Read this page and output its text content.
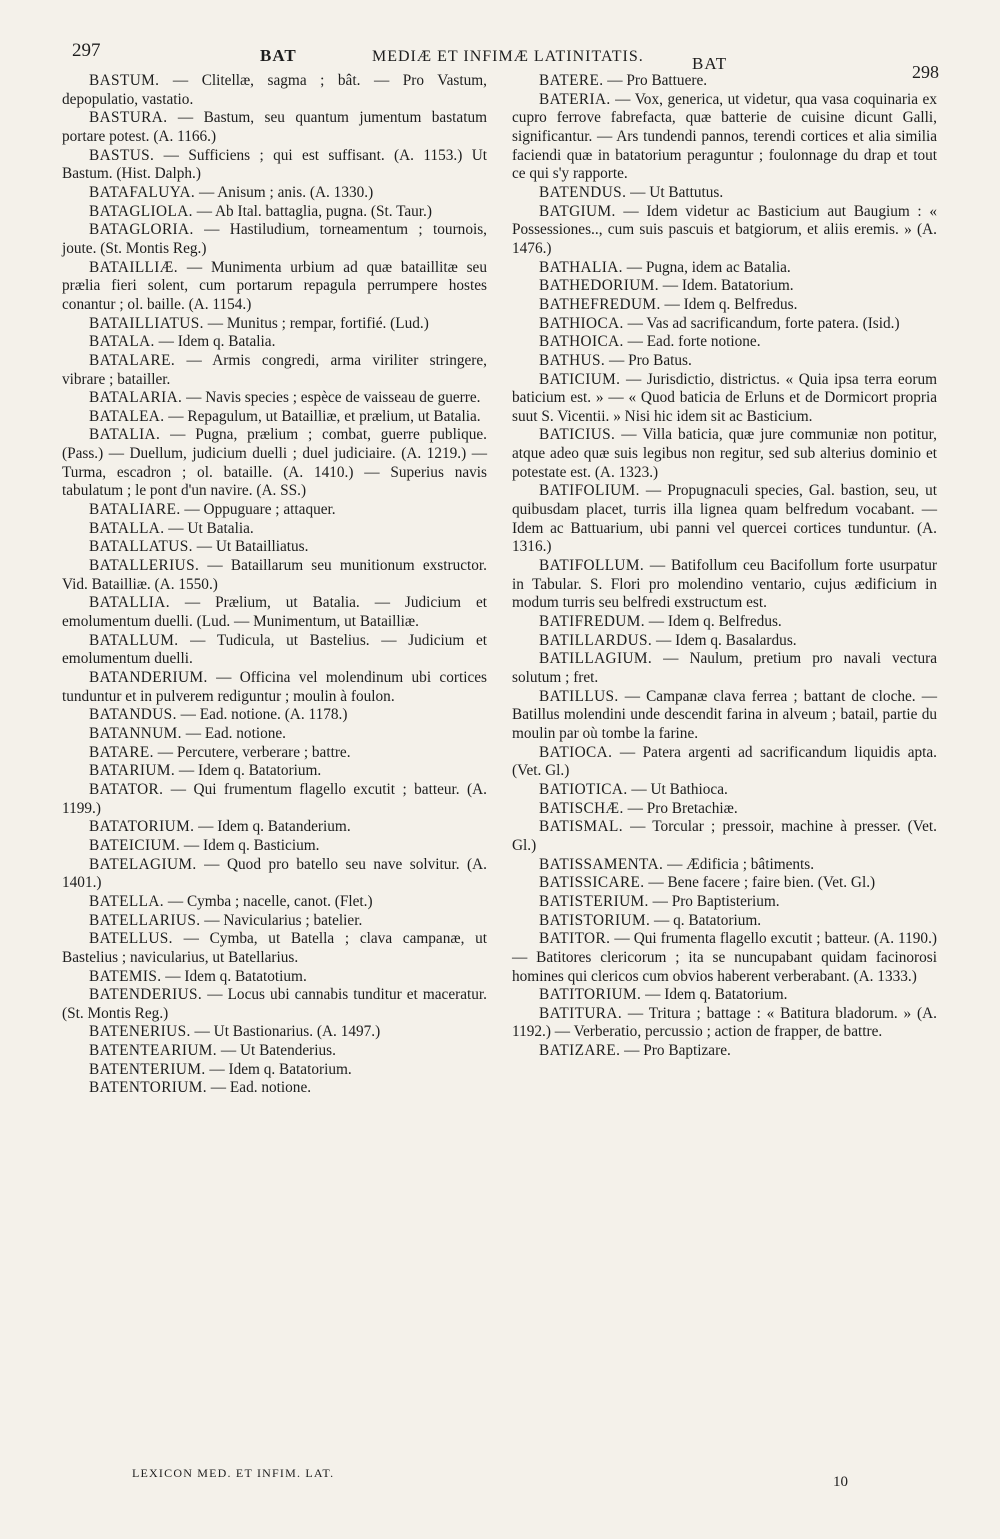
297	BAT	MEDIÆ ET INFIMÆ LATINITATIS.	BAT	298

BASTUM. — Clitellæ, sagma ; bât. — Pro Vastum, depopulatio, vastatio.

BASTURA. — Bastum, seu quantum jumentum bastatum portare potest. (A. 1166.)

BASTUS. — Sufficiens ; qui est suffisant. (A. 1153.) Ut Bastum. (Hist. Dalph.)

BATAFALUYA. — Anisum ; anis. (A. 1330.)

BATAGLIOLA. — Ab Ital. battaglia, pugna. (St. Taur.)

BATAGLORIA. — Hastiludium, torneamentum ; tournois, joute. (St. Montis Reg.)

BATAILLIÆ. — Munimenta urbium ad quæ bataillitæ seu prælia fieri solent, cum portarum repagula perrumpere hostes conantur ; ol. baille. (A. 1154.)

BATAILLIATUS. — Munitus ; rempar, fortifié. (Lud.)

BATALA. — Idem q. Batalia.

BATALARE. — Armis congredi, arma viriliter stringere, vibrare ; batailler.

BATALARIA. — Navis species ; espèce de vaisseau de guerre.

BATALEA. — Repagulum, ut Batailliæ, et prælium, ut Batalia.

BATALIA. — Pugna, prælium ; combat, guerre publique. (Pass.) — Duellum, judicium duelli ; duel judiciaire. (A. 1219.) — Turma, escadron ; ol. bataille. (A. 1410.) — Superius navis tabulatum ; le pont d'un navire. (A. SS.)

BATALIARE. — Oppuguare ; attaquer.

BATALLA. — Ut Batalia.

BATALLATUS. — Ut Batailliatus.

BATALLERIUS. — Bataillarum seu munitionum exstructor. Vid. Batailliæ. (A. 1550.)

BATALLIA. — Prælium, ut Batalia. — Judicium et emolumentum duelli. (Lud. — Munimentum, ut Batailliæ.

BATALLUM. — Tudicula, ut Bastelius. — Judicium et emolumentum duelli.

BATANDERIUM. — Officina vel molendinum ubi cortices tunduntur et in pulverem rediguntur ; moulin à foulon.

BATANDUS. — Ead. notione. (A. 1178.)

BATANNUM. — Ead. notione.

BATARE. — Percutere, verberare ; battre.

BATARIUM. — Idem q. Batatorium.

BATATOR. — Qui frumentum flagello excutit ; batteur. (A. 1199.)

BATATORIUM. — Idem q. Batanderium.

BATEICIUM. — Idem q. Basticium.

BATELAGIUM. — Quod pro batello seu nave solvitur. (A. 1401.)

BATELLA. — Cymba ; nacelle, canot. (Flet.)

BATELLARIUS. — Navicularius ; batelier.

BATELLUS. — Cymba, ut Batella ; clava campanæ, ut Bastelius ; navicularius, ut Batellarius.

BATEMIS. — Idem q. Batatotium.

BATENDERIUS. — Locus ubi cannabis tunditur et maceratur. (St. Montis Reg.)

BATENERIUS. — Ut Bastionarius. (A. 1497.)

BATENTEARIUM. — Ut Batenderius.

BATENTERIUM. — Idem q. Batatorium.

BATENTORIUM. — Ead. notione.

BATERE. — Pro Battuere.

BATERIA. — Vox, generica, ut videtur, qua vasa coquinaria ex cupro ferrove fabrefacta, quæ batterie de cuisine dicunt Galli, significantur. — Ars tundendi pannos, terendi cortices et alia similia faciendi quæ in batatorium peraguntur ; foulonnage du drap et tout ce qui s'y rapporte.

BATENDUS. — Ut Battutus.

BATGIUM. — Idem videtur ac Basticium aut Baugium : « Possessiones.., cum suis pascuis et batgiorum, et aliis eremis. » (A. 1476.)

BATHALIA. — Pugna, idem ac Batalia.

BATHEDORIUM. — Idem. Batatorium.

BATHEFREDUM. — Idem q. Belfredus.

BATHIOCA. — Vas ad sacrificandum, forte patera. (Isid.)

BATHOICA. — Ead. forte notione.

BATHUS. — Pro Batus.

BATICIUM. — Jurisdictio, districtus. « Quia ipsa terra eorum baticium est. » — « Quod baticia de Erluns et de Dormicort propria suut S. Vicentii. » Nisi hic idem sit ac Basticium.

BATICIUS. — Villa baticia, quæ jure communiæ non potitur, atque adeo quæ suis legibus non regitur, sed sub alterius dominio et potestate est. (A. 1323.)

BATIFOLIUM. — Propugnaculi species, Gal. bastion, seu, ut quibusdam placet, turris illa lignea quam belfredum vocabant. — Idem ac Battuarium, ubi panni vel quercei cortices tunduntur. (A. 1316.)

BATIFOLLUM. — Batifollum ceu Bacifollum forte usurpatur in Tabular. S. Flori pro molendino ventario, cujus ædificium in modum turris seu belfredi exstructum est.

BATIFREDUM. — Idem q. Belfredus.

BATILLARDUS. — Idem q. Basalardus.

BATILLAGIUM. — Naulum, pretium pro navali vectura solutum ; fret.

BATILLUS. — Campanæ clava ferrea ; battant de cloche. — Batillus molendini unde descendit farina in alveum ; batail, partie du moulin par où tombe la farine.

BATIOCA. — Patera argenti ad sacrificandum liquidis apta. (Vet. Gl.)

BATIOTICA. — Ut Bathioca.

BATISCHÆ. — Pro Bretachiæ.

BATISMAL. — Torcular ; pressoir, machine à presser. (Vet. Gl.)

BATISSAMENTA. — Ædificia ; bâtiments.

BATISSICARE. — Bene facere ; faire bien. (Vet. Gl.)

BATISTERIUM. — Pro Baptisterium.

BATISTORIUM. — q. Batatorium.

BATITOR. — Qui frumenta flagello excutit ; batteur. (A. 1190.) — Batitores clericorum ; ita se nuncupabant quidam facinorosi homines qui clericos cum obvios haberent verberabant. (A. 1333.)

BATITORIUM. — Idem q. Batatorium.

BATITURA. — Tritura ; battage : « Batitura bladorum. » (A. 1192.) — Verberatio, percussio ; action de frapper, de battre.

BATIZARE. — Pro Baptizare.

LEXICON MED. ET INFIM. LAT.
10
